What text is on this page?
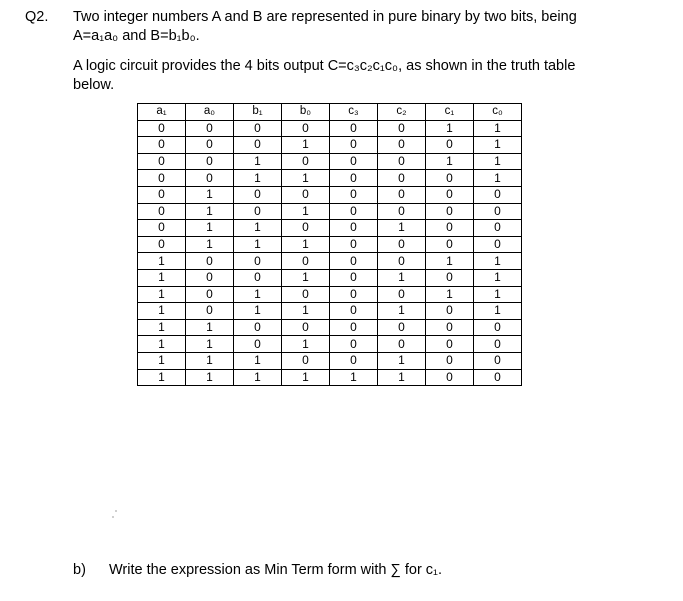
Q2. Two integer numbers A and B are represented in pure binary by two bits, being
A=a₁a₀ and B=b₁b₀.
A logic circuit provides the 4 bits output C=c₃c₂c₁c₀, as shown in the truth table
below.
a₁	a₀	b₁	b₀	c₃	c₂	c₁	c₀
0	0	0	0	0	0	1	1
0	0	0	1	0	0	0	1
0	0	1	0	0	0	1	1
0	0	1	1	0	0	0	1
0	1	0	0	0	0	0	0
0	1	0	1	0	0	0	0
0	1	1	0	0	1	0	0
0	1	1	1	0	0	0	0
1	0	0	0	0	0	1	1
1	0	0	1	0	1	0	1
1	0	1	0	0	0	1	1
1	0	1	1	0	1	0	1
1	1	0	0	0	0	0	0
1	1	0	1	0	0	0	0
1	1	1	0	0	1	0	0
1	1	1	1	1	1	0	0
b) Write the expression as Min Term form with ∑ for c₁.
